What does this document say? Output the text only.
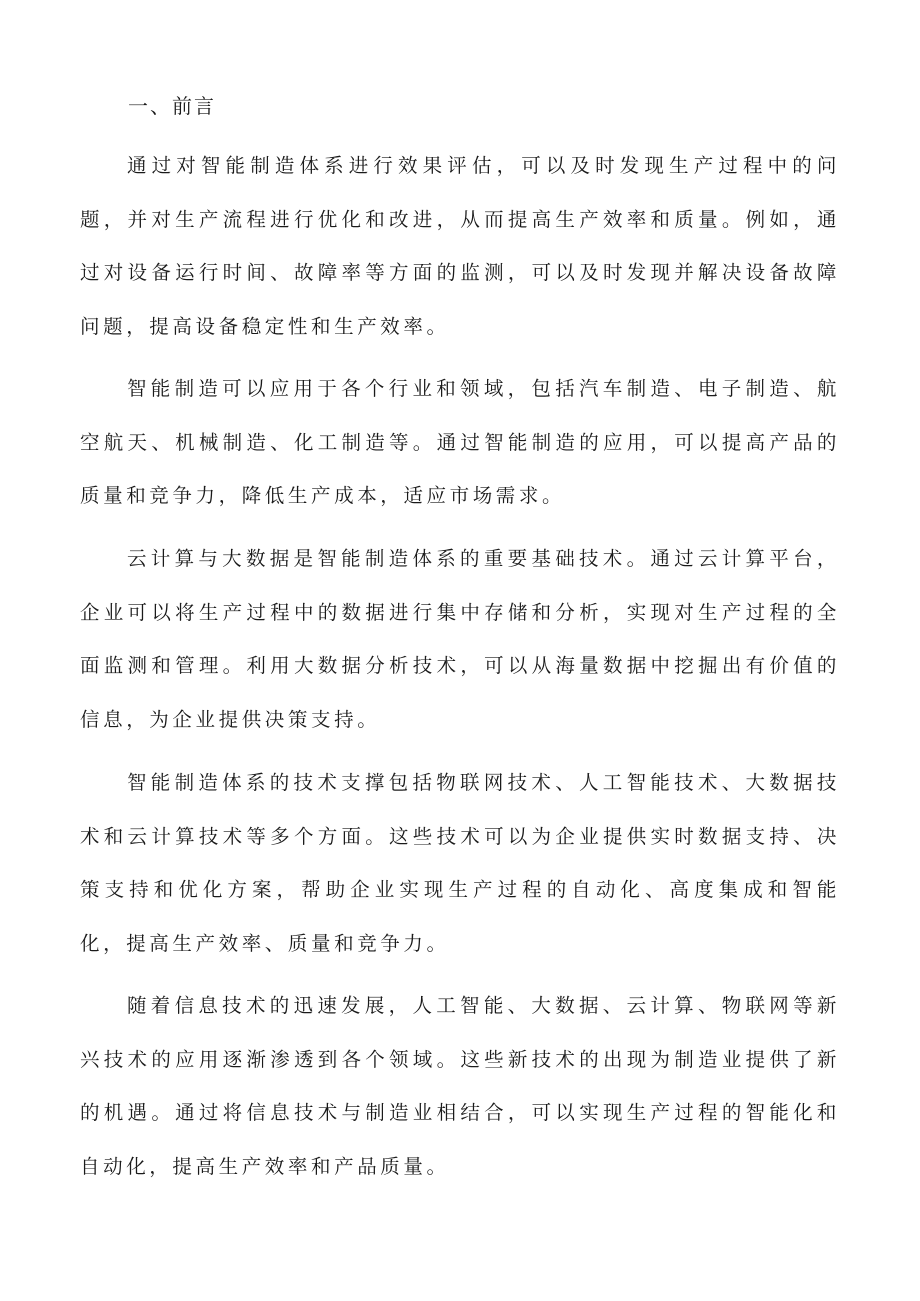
一、前言

通过对智能制造体系进行效果评估，可以及时发现生产过程中的问题，并对生产流程进行优化和改进，从而提高生产效率和质量。例如，通过对设备运行时间、故障率等方面的监测，可以及时发现并解决设备故障问题，提高设备稳定性和生产效率。

智能制造可以应用于各个行业和领域，包括汽车制造、电子制造、航空航天、机械制造、化工制造等。通过智能制造的应用，可以提高产品的质量和竞争力，降低生产成本，适应市场需求。

云计算与大数据是智能制造体系的重要基础技术。通过云计算平台，企业可以将生产过程中的数据进行集中存储和分析，实现对生产过程的全面监测和管理。利用大数据分析技术，可以从海量数据中挖掘出有价值的信息，为企业提供决策支持。

智能制造体系的技术支撑包括物联网技术、人工智能技术、大数据技术和云计算技术等多个方面。这些技术可以为企业提供实时数据支持、决策支持和优化方案，帮助企业实现生产过程的自动化、高度集成和智能化，提高生产效率、质量和竞争力。

随着信息技术的迅速发展，人工智能、大数据、云计算、物联网等新兴技术的应用逐渐渗透到各个领域。这些新技术的出现为制造业提供了新的机遇。通过将信息技术与制造业相结合，可以实现生产过程的智能化和自动化，提高生产效率和产品质量。
